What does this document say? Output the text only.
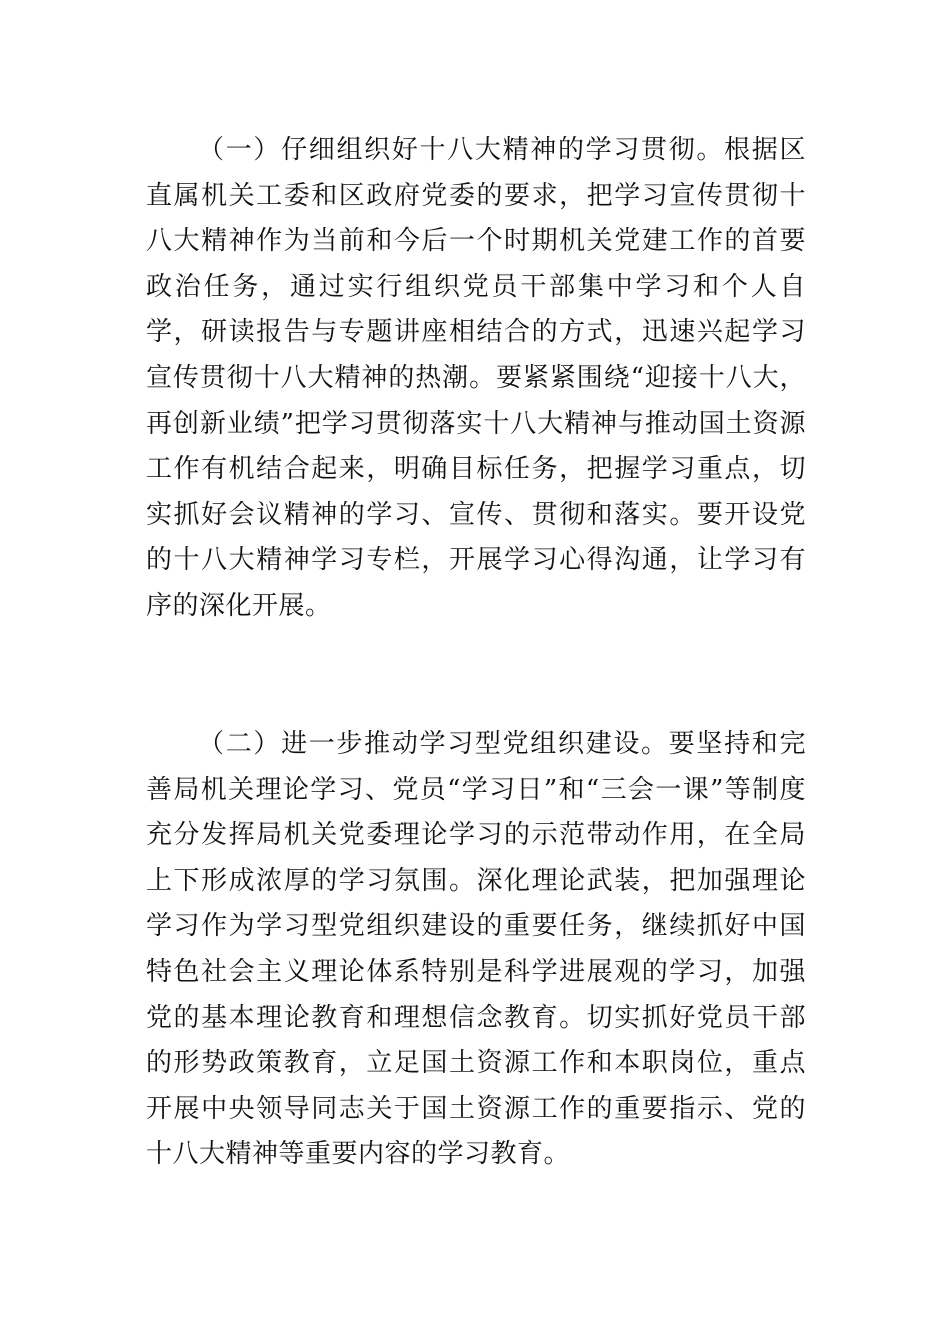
（一）仔细组织好十八大精神的学习贯彻。根据区直属机关工委和区政府党委的要求，把学习宣传贯彻十八大精神作为当前和今后一个时期机关党建工作的首要政治任务，通过实行组织党员干部集中学习和个人自学，研读报告与专题讲座相结合的方式，迅速兴起学习宣传贯彻十八大精神的热潮。要紧紧围绕“迎接十八大，再创新业绩”把学习贯彻落实十八大精神与推动国土资源工作有机结合起来，明确目标任务，把握学习重点，切实抓好会议精神的学习、宣传、贯彻和落实。要开设党的十八大精神学习专栏，开展学习心得沟通，让学习有序的深化开展。

（二）进一步推动学习型党组织建设。要坚持和完善局机关理论学习、党员“学习日”和“三会一课”等制度充分发挥局机关党委理论学习的示范带动作用，在全局上下形成浓厚的学习氛围。深化理论武装，把加强理论学习作为学习型党组织建设的重要任务，继续抓好中国特色社会主义理论体系特别是科学进展观的学习，加强党的基本理论教育和理想信念教育。切实抓好党员干部的形势政策教育，立足国土资源工作和本职岗位，重点开展中央领导同志关于国土资源工作的重要指示、党的十八大精神等重要内容的学习教育。
